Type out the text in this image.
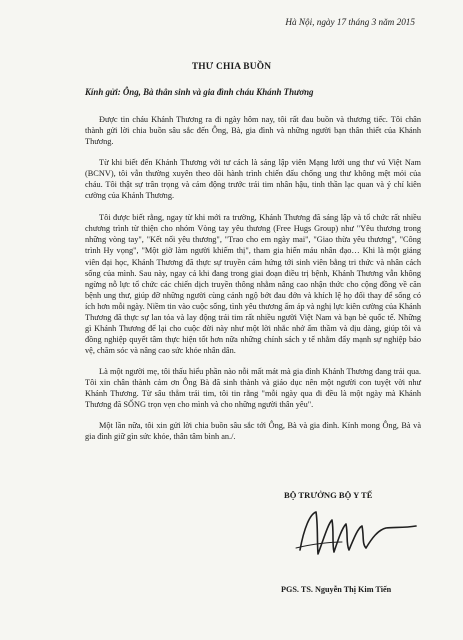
Hà Nội, ngày 17 tháng 3 năm 2015
THƯ CHIA BUỒN
Kính gửi: Ông, Bà thân sinh và gia đình cháu Khánh Thương

Được tin cháu Khánh Thương ra đi ngày hôm nay, tôi rất đau buồn và thương tiếc. Tôi chân thành gửi lời chia buồn sâu sắc đến Ông, Bà, gia đình và những người bạn thân thiết của Khánh Thương.

Từ khi biết đến Khánh Thương với tư cách là sáng lập viên Mạng lưới ung thư vú Việt Nam (BCNV), tôi vẫn thường xuyên theo dõi hành trình chiến đấu chống ung thư không mệt mỏi của cháu. Tôi thật sự trân trọng và cảm động trước trái tim nhân hậu, tinh thần lạc quan và ý chí kiên cường của Khánh Thương.

Tôi được biết rằng, ngay từ khi mới ra trường, Khánh Thương đã sáng lập và tổ chức rất nhiều chương trình từ thiện cho nhóm Vòng tay yêu thương (Free Hugs Group) như "Yêu thương trong những vòng tay", "Kết nối yêu thương", "Trao cho em ngày mai", "Giao thừa yêu thương", "Công trình Hy vọng", "Một giờ làm người khiếm thị", tham gia hiến máu nhân đạo… Khi là một giảng viên đại học, Khánh Thương đã thực sự truyền cảm hứng tới sinh viên bằng tri thức và nhân cách sống của mình. Sau này, ngay cả khi đang trong giai đoạn điều trị bệnh, Khánh Thương vẫn không ngừng nỗ lực tổ chức các chiến dịch truyền thông nhằm nâng cao nhận thức cho cộng đồng về căn bệnh ung thư, giúp đỡ những người cùng cảnh ngộ bớt đau đớn và khích lệ họ đối thay để sống có ích hơn mỗi ngày. Niềm tin vào cuộc sống, tình yêu thương ấm áp và nghị lực kiên cường của Khánh Thương đã thực sự lan tỏa và lay động trái tim rất nhiều người Việt Nam và bạn bè quốc tế. Những gì Khánh Thương để lại cho cuộc đời này như một lời nhắc nhở ấm thầm và dịu dàng, giúp tôi và đồng nghiệp quyết tâm thực hiện tốt hơn nữa những chính sách y tế nhằm đẩy mạnh sự nghiệp bảo vệ, chăm sóc và nâng cao sức khỏe nhân dân.

Là một người mẹ, tôi thấu hiểu phần nào nỗi mất mát mà gia đình Khánh Thương đang trải qua. Tôi xin chân thành cảm ơn Ông Bà đã sinh thành và giáo dục nên một người con tuyệt vời như Khánh Thương. Từ sâu thẳm trái tim, tôi tin rằng "mỗi ngày qua đi đều là một ngày mà Khánh Thương đã SỐNG trọn vẹn cho mình và cho những người thân yêu".

Một lần nữa, tôi xin gửi lời chia buồn sâu sắc tới Ông, Bà và gia đình. Kính mong Ông, Bà và gia đình giữ gìn sức khỏe, thân tâm bình an./.

BỘ TRƯỞNG BỘ Y TẾ
PGS. TS. Nguyễn Thị Kim Tiến
